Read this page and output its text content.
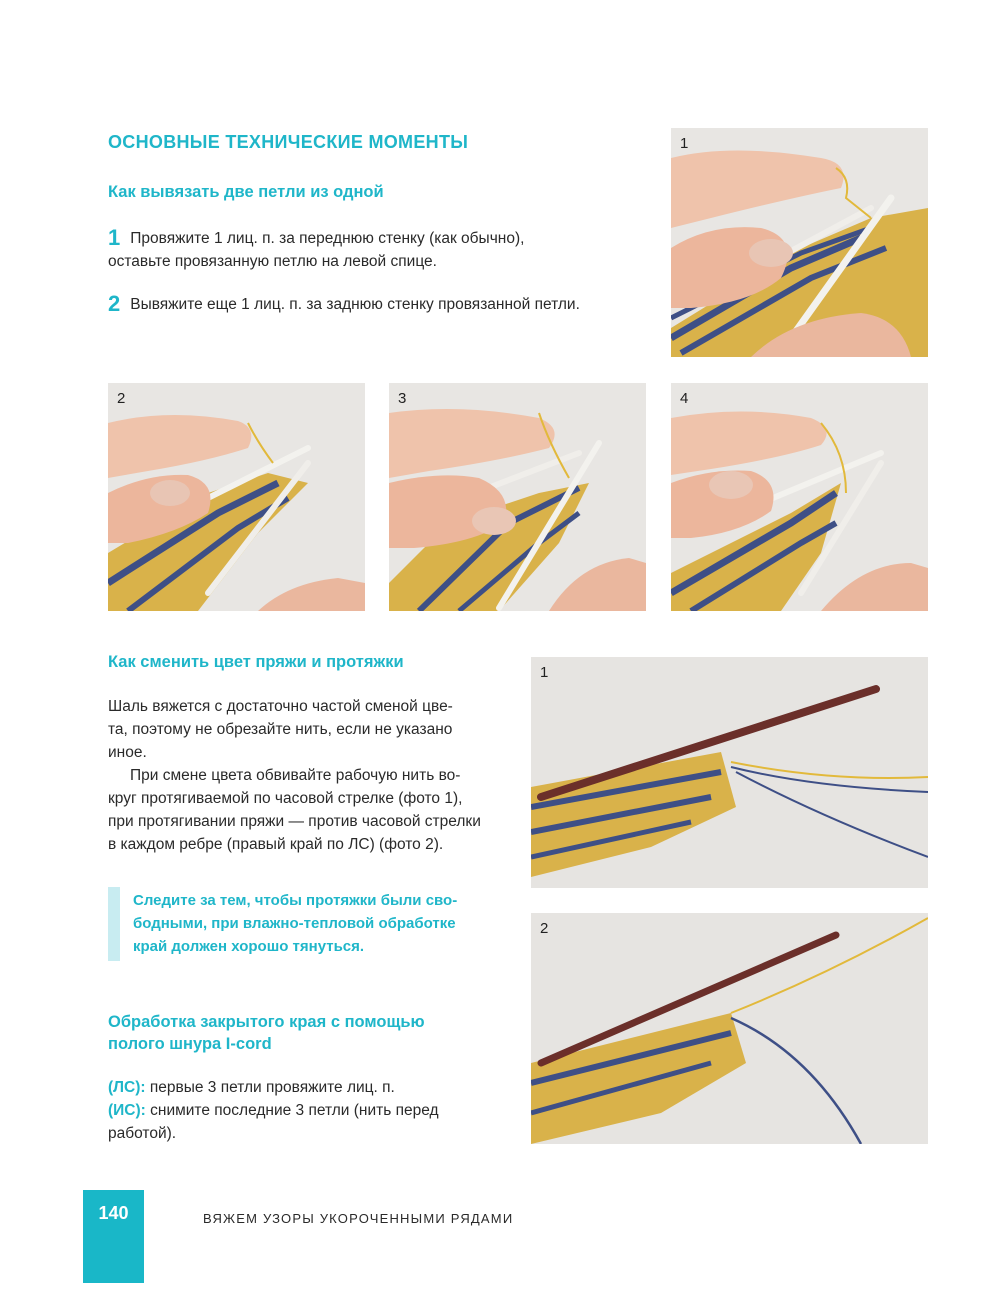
ОСНОВНЫЕ ТЕХНИЧЕСКИЕ МОМЕНТЫ
Как вывязать две петли из одной
1 Провяжите 1 лиц. п. за переднюю стенку (как обычно),
оставьте провязанную петлю на левой спице.
2 Вывяжите еще 1 лиц. п. за заднюю стенку провязанной петли.
1
2	3	4
Как сменить цвет пряжи и протяжки
Шаль вяжется с достаточно частой сменой цве-
та, поэтому не обрезайте нить, если не указано
иное.
При смене цвета обвивайте рабочую нить во-
круг протягиваемой по часовой стрелке (фото 1),
при протягивании пряжи — против часовой стрелки
в каждом ребре (правый край по ЛС) (фото 2).
Следите за тем, чтобы протяжки были сво-
бодными, при влажно-тепловой обработке
край должен хорошо тянуться.
Обработка закрытого края с помощью
полого шнура I-cord
(ЛС): первые 3 петли провяжите лиц. п.
(ИС): снимите последние 3 петли (нить перед
работой).
1
2
140	ВЯЖЕМ УЗОРЫ УКОРОЧЕННЫМИ РЯДАМИ
